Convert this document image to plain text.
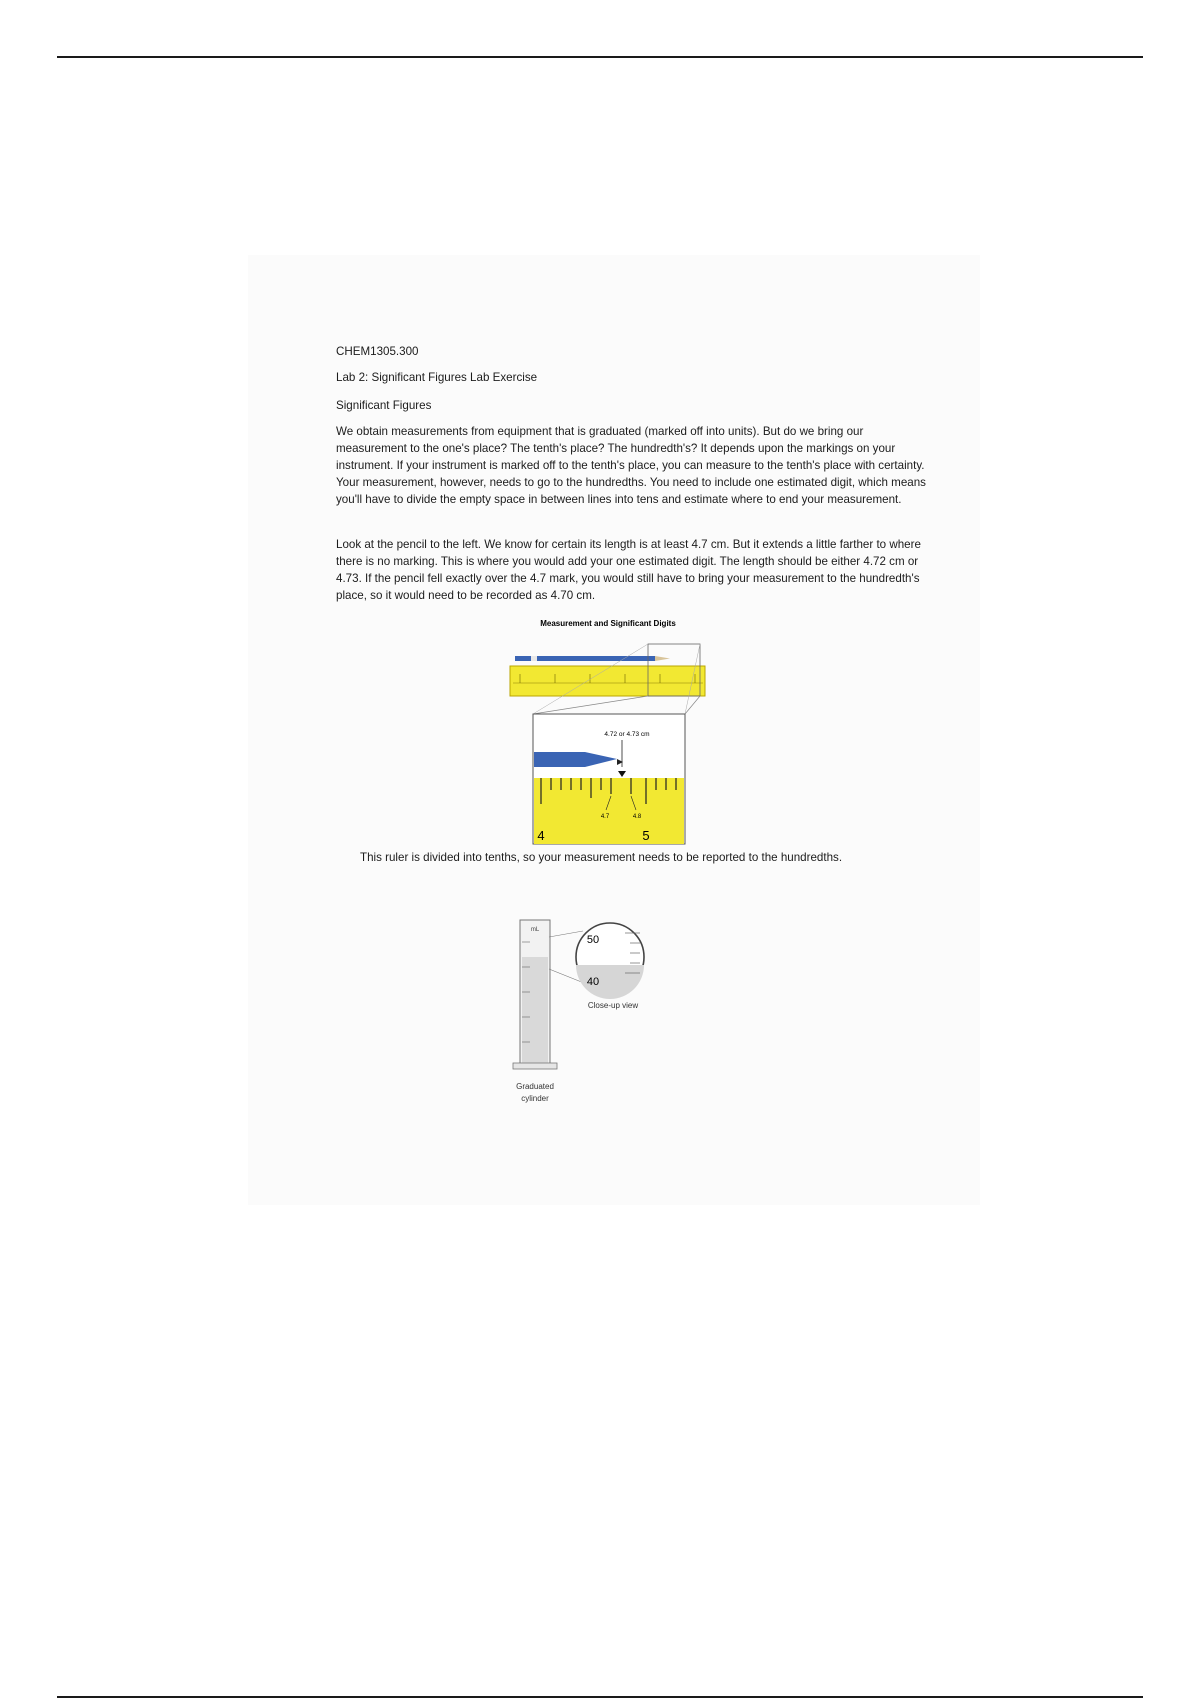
CHEM1305.300
Lab 2: Significant Figures Lab Exercise
Significant Figures
We obtain measurements from equipment that is graduated (marked off into units). But do we bring our measurement to the one's place? The tenth's place? The hundredth's? It depends upon the markings on your instrument. If your instrument is marked off to the tenth's place, you can measure to the tenth's place with certainty. Your measurement, however, needs to go to the hundredths. You need to include one estimated digit, which means you'll have to divide the empty space in between lines into tens and estimate where to end your measurement.
Look at the pencil to the left. We know for certain its length is at least 4.7 cm. But it extends a little farther to where there is no marking. This is where you would add your one estimated digit. The length should be either 4.72 cm or 4.73. If the pencil fell exactly over the 4.7 mark, you would still have to bring your measurement to the hundredth's place, so it would need to be recorded as 4.70 cm.
Measurement and Significant Digits
4.72 or 4.73 cm
4.7	4.8
4	5
This ruler is divided into tenths, so your measurement needs to be reported to the hundredths.
mL
50
40
Close-up view
Graduated
cylinder
